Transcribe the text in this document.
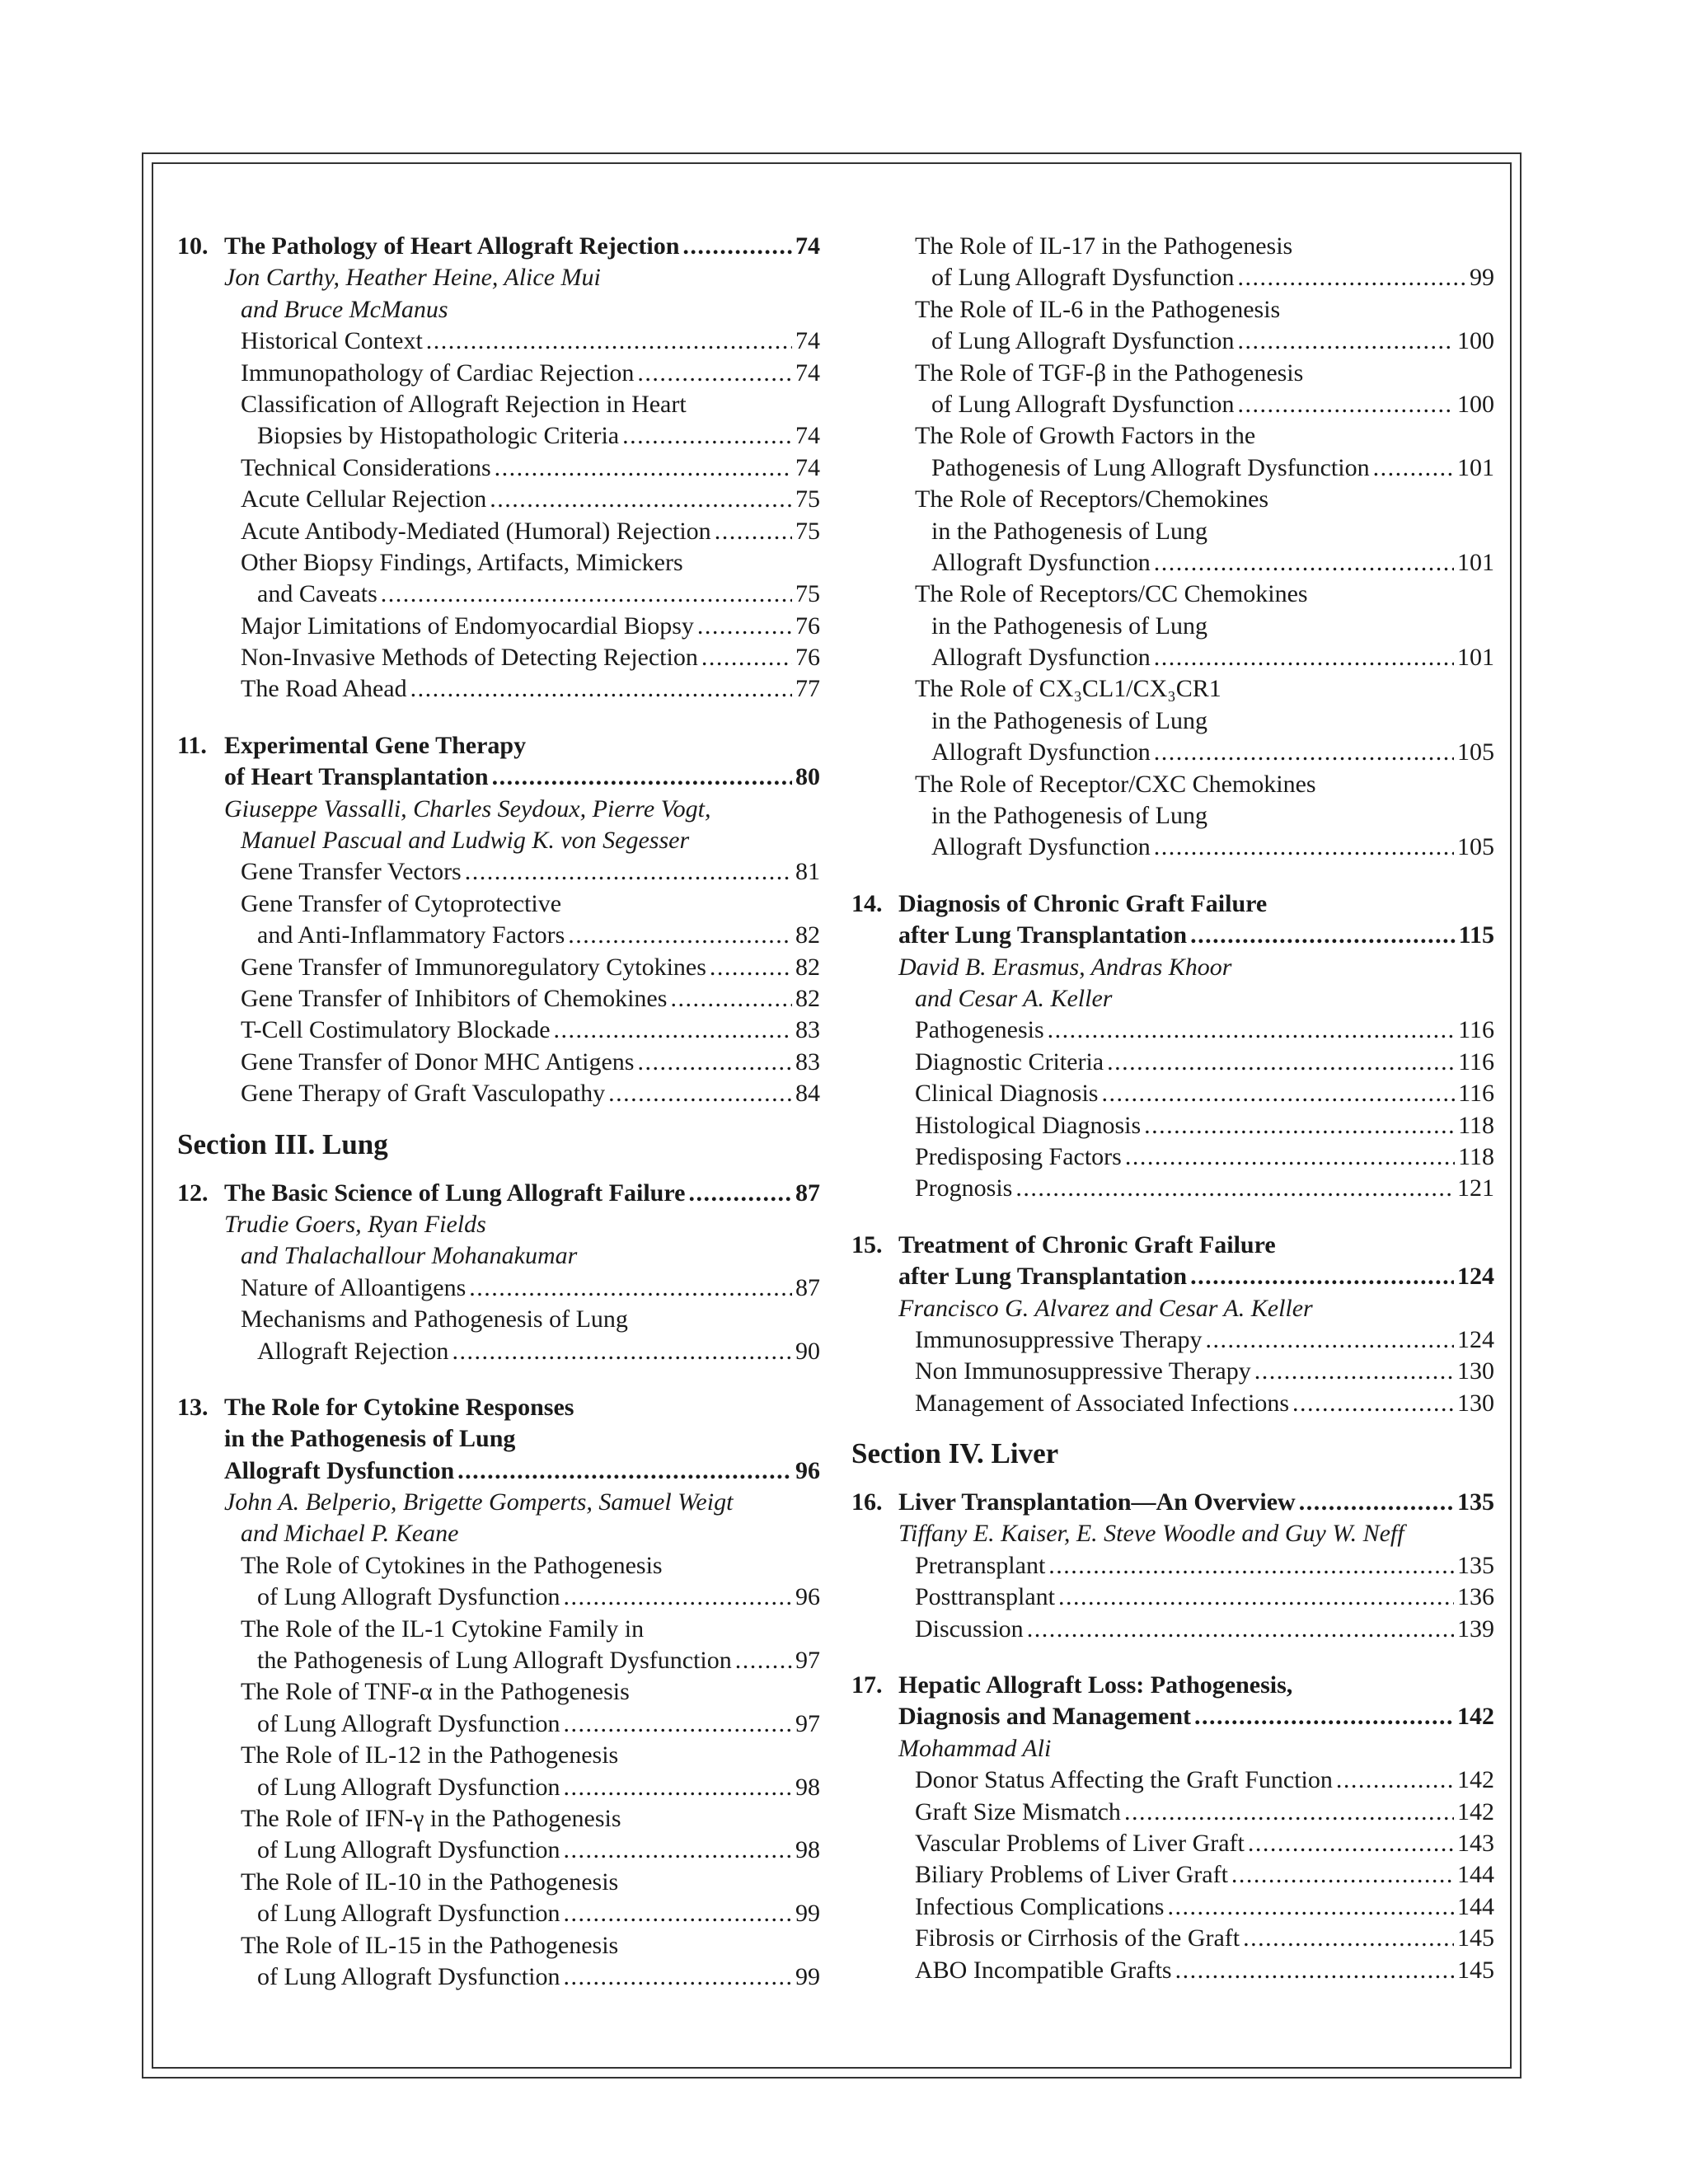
10. The Pathology of Heart Allograft Rejection . . .	74
Jon Carthy, Heather Heine, Alice Mui
and Bruce McManus
Historical Context . . .	74
Immunopathology of Cardiac Rejection . . .	74
Classification of Allograft Rejection in Heart
Biopsies by Histopathologic Criteria . . .	74
Technical Considerations . . .	74
Acute Cellular Rejection . . .	75
Acute Antibody-Mediated (Humoral) Rejection . . .	75
Other Biopsy Findings, Artifacts, Mimickers
and Caveats . . .	75
Major Limitations of Endomyocardial Biopsy . . .	76
Non-Invasive Methods of Detecting Rejection . . .	76
The Road Ahead . . .	77
11. Experimental Gene Therapy
of Heart Transplantation . . .	80
Giuseppe Vassalli, Charles Seydoux, Pierre Vogt,
Manuel Pascual and Ludwig K. von Segesser
Gene Transfer Vectors . . .	81
Gene Transfer of Cytoprotective
and Anti-Inflammatory Factors . . .	82
Gene Transfer of Immunoregulatory Cytokines . . .	82
Gene Transfer of Inhibitors of Chemokines . . .	82
T-Cell Costimulatory Blockade . . .	83
Gene Transfer of Donor MHC Antigens . . .	83
Gene Therapy of Graft Vasculopathy . . .	84
Section III. Lung
12. The Basic Science of Lung Allograft Failure . . .	87
Trudie Goers, Ryan Fields
and Thalachallour Mohanakumar
Nature of Alloantigens . . .	87
Mechanisms and Pathogenesis of Lung
Allograft Rejection . . .	90
13. The Role for Cytokine Responses
in the Pathogenesis of Lung
Allograft Dysfunction . . .	96
John A. Belperio, Brigette Gomperts, Samuel Weigt
and Michael P. Keane
The Role of Cytokines in the Pathogenesis
of Lung Allograft Dysfunction . . .	96
The Role of the IL-1 Cytokine Family in
the Pathogenesis of Lung Allograft Dysfunction . . .	97
The Role of TNF-α in the Pathogenesis
of Lung Allograft Dysfunction . . .	97
The Role of IL-12 in the Pathogenesis
of Lung Allograft Dysfunction . . .	98
The Role of IFN-γ in the Pathogenesis
of Lung Allograft Dysfunction . . .	98
The Role of IL-10 in the Pathogenesis
of Lung Allograft Dysfunction . . .	99
The Role of IL-15 in the Pathogenesis
of Lung Allograft Dysfunction . . .	99
The Role of IL-17 in the Pathogenesis
of Lung Allograft Dysfunction . . .	99
The Role of IL-6 in the Pathogenesis
of Lung Allograft Dysfunction . . .	100
The Role of TGF-β in the Pathogenesis
of Lung Allograft Dysfunction . . .	100
The Role of Growth Factors in the
Pathogenesis of Lung Allograft Dysfunction . . .	101
The Role of Receptors/Chemokines
in the Pathogenesis of Lung
Allograft Dysfunction . . .	101
The Role of Receptors/CC Chemokines
in the Pathogenesis of Lung
Allograft Dysfunction . . .	101
The Role of CX₃CL1/CX₃CR1
in the Pathogenesis of Lung
Allograft Dysfunction . . .	105
The Role of Receptor/CXC Chemokines
in the Pathogenesis of Lung
Allograft Dysfunction . . .	105
14. Diagnosis of Chronic Graft Failure
after Lung Transplantation . . .	115
David B. Erasmus, Andras Khoor
and Cesar A. Keller
Pathogenesis . . .	116
Diagnostic Criteria . . .	116
Clinical Diagnosis . . .	116
Histological Diagnosis . . .	118
Predisposing Factors . . .	118
Prognosis . . .	121
15. Treatment of Chronic Graft Failure
after Lung Transplantation . . .	124
Francisco G. Alvarez and Cesar A. Keller
Immunosuppressive Therapy . . .	124
Non Immunosuppressive Therapy . . .	130
Management of Associated Infections . . .	130
Section IV. Liver
16. Liver Transplantation—An Overview . . .	135
Tiffany E. Kaiser, E. Steve Woodle and Guy W. Neff
Pretransplant . . .	135
Posttransplant . . .	136
Discussion . . .	139
17. Hepatic Allograft Loss: Pathogenesis,
Diagnosis and Management . . .	142
Mohammad Ali
Donor Status Affecting the Graft Function . . .	142
Graft Size Mismatch . . .	142
Vascular Problems of Liver Graft . . .	143
Biliary Problems of Liver Graft . . .	144
Infectious Complications . . .	144
Fibrosis or Cirrhosis of the Graft . . .	145
ABO Incompatible Grafts . . .	145
